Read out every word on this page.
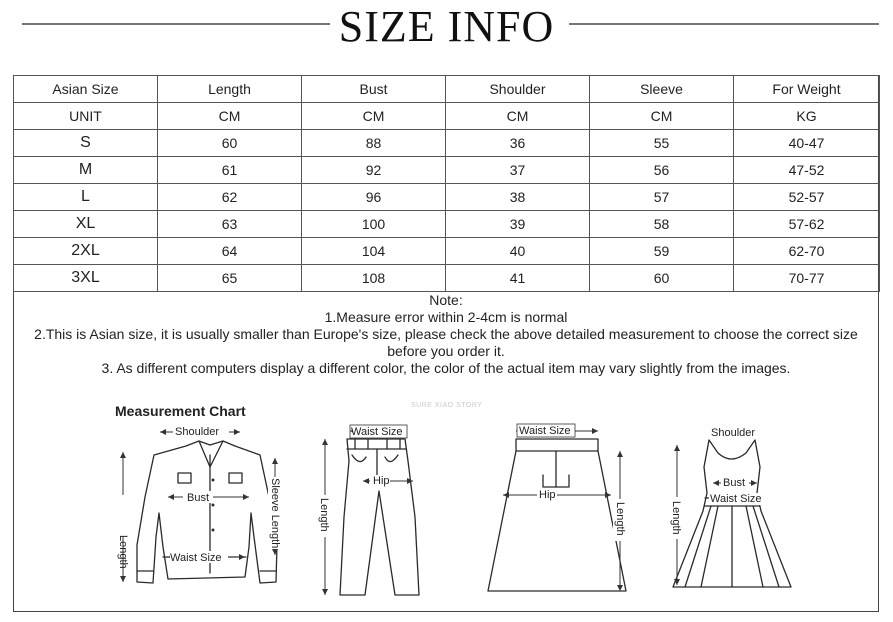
SIZE INFO
Asian Size	Length	Bust	Shoulder	Sleeve	For Weight
UNIT	CM	CM	CM	CM	KG
S	60	88	36	55	40-47
M	61	92	37	56	47-52
L	62	96	38	57	52-57
XL	63	100	39	58	57-62
2XL	64	104	40	59	62-70
3XL	65	108	41	60	70-77
Note:
1.Measure error within 2-4cm is normal
2.This is Asian size, it is usually smaller than Europe's size, please check the above detailed measurement to choose the correct size before you order it.
3. As different computers display a different color, the color of the actual item may vary slightly from the images.
Measurement Chart	SURE XIAO STORY
Shoulder
Bust
Waist Size
Length
Sleeve Length
Waist Size
Hip
Length
Waist Size
Hip
Length
Shoulder
Bust
Waist Size
Length
